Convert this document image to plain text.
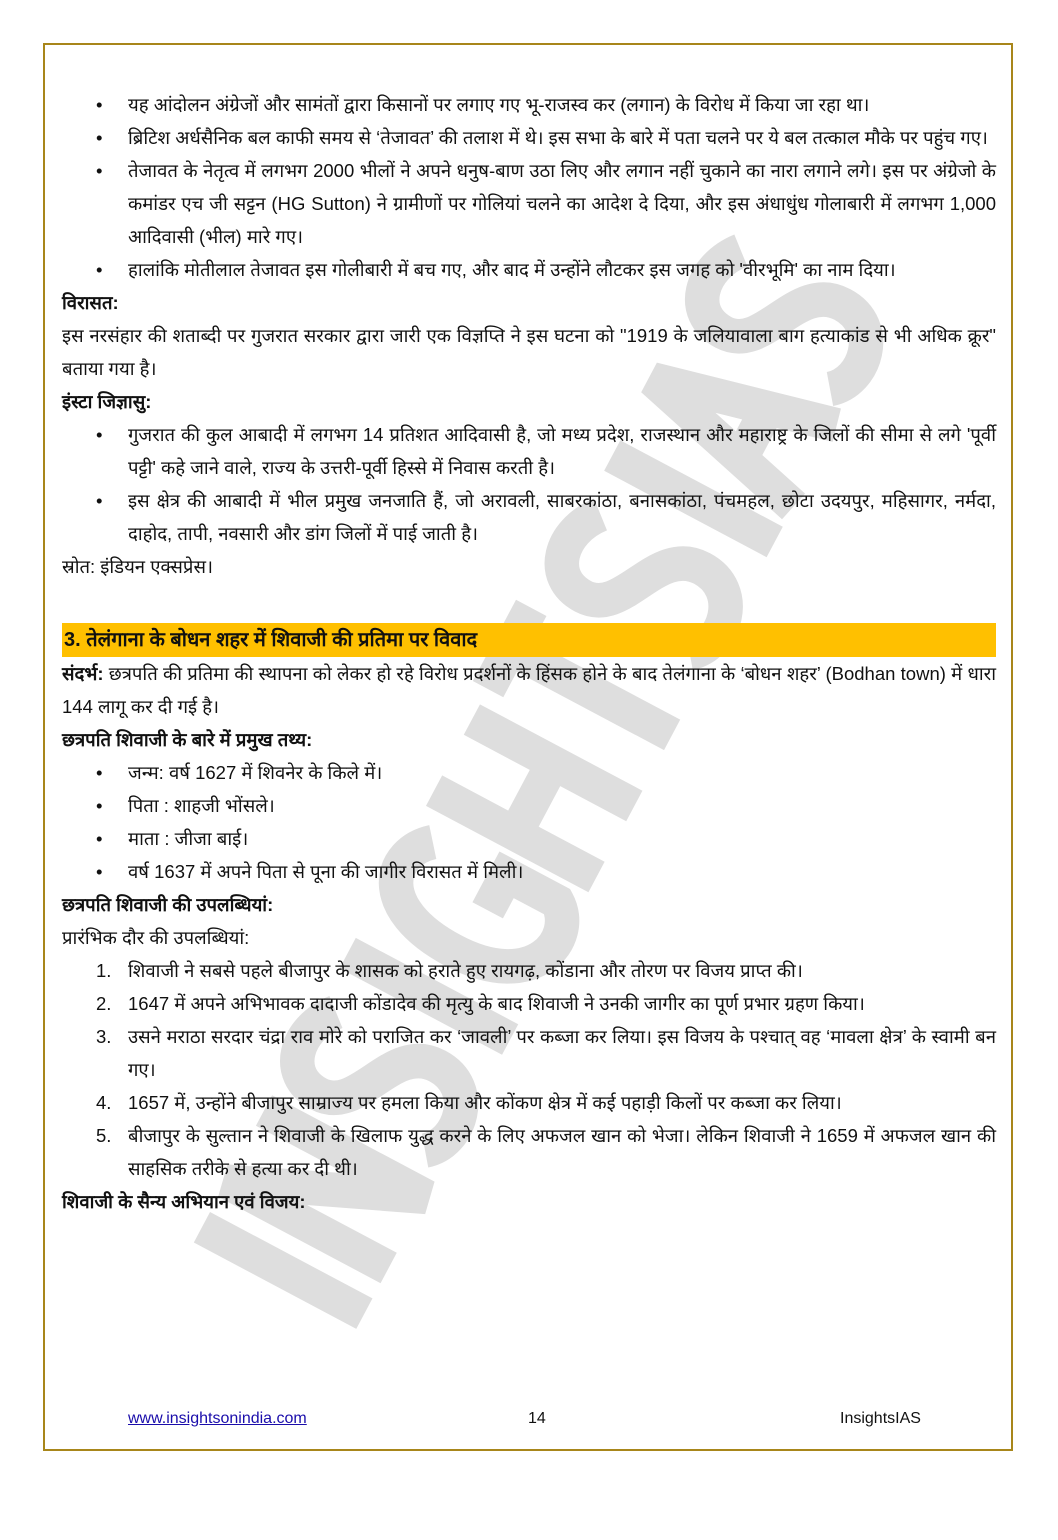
• यह आंदोलन अंग्रेजों और सामंतों द्वारा किसानों पर लगाए गए भू-राजस्व कर (लगान) के विरोध में किया जा रहा था।
• ब्रिटिश अर्धसैनिक बल काफी समय से ‘तेजावत’ की तलाश में थे। इस सभा के बारे में पता चलने पर ये बल तत्काल मौके पर पहुंच गए।
• तेजावत के नेतृत्व में लगभग 2000 भीलों ने अपने धनुष-बाण उठा लिए और लगान नहीं चुकाने का नारा लगाने लगे। इस पर अंग्रेजो के कमांडर एच जी सट्टन (HG Sutton) ने ग्रामीणों पर गोलियां चलने का आदेश दे दिया, और इस अंधाधुंध गोलाबारी में लगभग 1,000 आदिवासी (भील) मारे गए।
• हालांकि मोतीलाल तेजावत इस गोलीबारी में बच गए, और बाद में उन्होंने लौटकर इस जगह को 'वीरभूमि' का नाम दिया।

विरासत:

इस नरसंहार की शताब्दी पर गुजरात सरकार द्वारा जारी एक विज्ञप्ति ने इस घटना को "1919 के जलियावाला बाग हत्याकांड से भी अधिक क्रूर" बताया गया है।

इंस्टा जिज्ञासु:

• गुजरात की कुल आबादी में लगभग 14 प्रतिशत आदिवासी है, जो मध्य प्रदेश, राजस्थान और महाराष्ट्र के जिलों की सीमा से लगे 'पूर्वी पट्टी' कहे जाने वाले, राज्य के उत्तरी-पूर्वी हिस्से में निवास करती है।
• इस क्षेत्र की आबादी में भील प्रमुख जनजाति हैं, जो अरावली, साबरकांठा, बनासकांठा, पंचमहल, छोटा उदयपुर, महिसागर, नर्मदा, दाहोद, तापी, नवसारी और डांग जिलों में पाई जाती है।

स्रोत: इंडियन एक्सप्रेस।

3. तेलंगाना के बोधन शहर में शिवाजी की प्रतिमा पर विवाद

संदर्भ: छत्रपति की प्रतिमा की स्थापना को लेकर हो रहे विरोध प्रदर्शनों के हिंसक होने के बाद तेलंगाना के ‘बोधन शहर’ (Bodhan town) में धारा 144 लागू कर दी गई है।

छत्रपति शिवाजी के बारे में प्रमुख तथ्य:

• जन्म: वर्ष 1627 में शिवनेर के किले में।
• पिता : शाहजी भोंसले।
• माता : जीजा बाई।
• वर्ष 1637 में अपने पिता से पूना की जागीर विरासत में मिली।

छत्रपति शिवाजी की उपलब्धियां:

प्रारंभिक दौर की उपलब्धियां:

1. शिवाजी ने सबसे पहले बीजापुर के शासक को हराते हुए रायगढ़, कोंडाना और तोरण पर विजय प्राप्त की।
2. 1647 में अपने अभिभावक दादाजी कोंडादेव की मृत्यु के बाद शिवाजी ने उनकी जागीर का पूर्ण प्रभार ग्रहण किया।
3. उसने मराठा सरदार चंद्रा राव मोरे को पराजित कर ‘जावली’ पर कब्जा कर लिया। इस विजय के पश्चात् वह ‘मावला क्षेत्र’ के स्वामी बन गए।
4. 1657 में, उन्होंने बीजापुर साम्राज्य पर हमला किया और कोंकण क्षेत्र में कई पहाड़ी किलों पर कब्जा कर लिया।
5. बीजापुर के सुल्तान ने शिवाजी के खिलाफ युद्ध करने के लिए अफजल खान को भेजा। लेकिन शिवाजी ने 1659 में अफजल खान की साहसिक तरीके से हत्या कर दी थी।

शिवाजी के सैन्य अभियान एवं विजय:

www.insightsonindia.com	14	InsightsIAS
